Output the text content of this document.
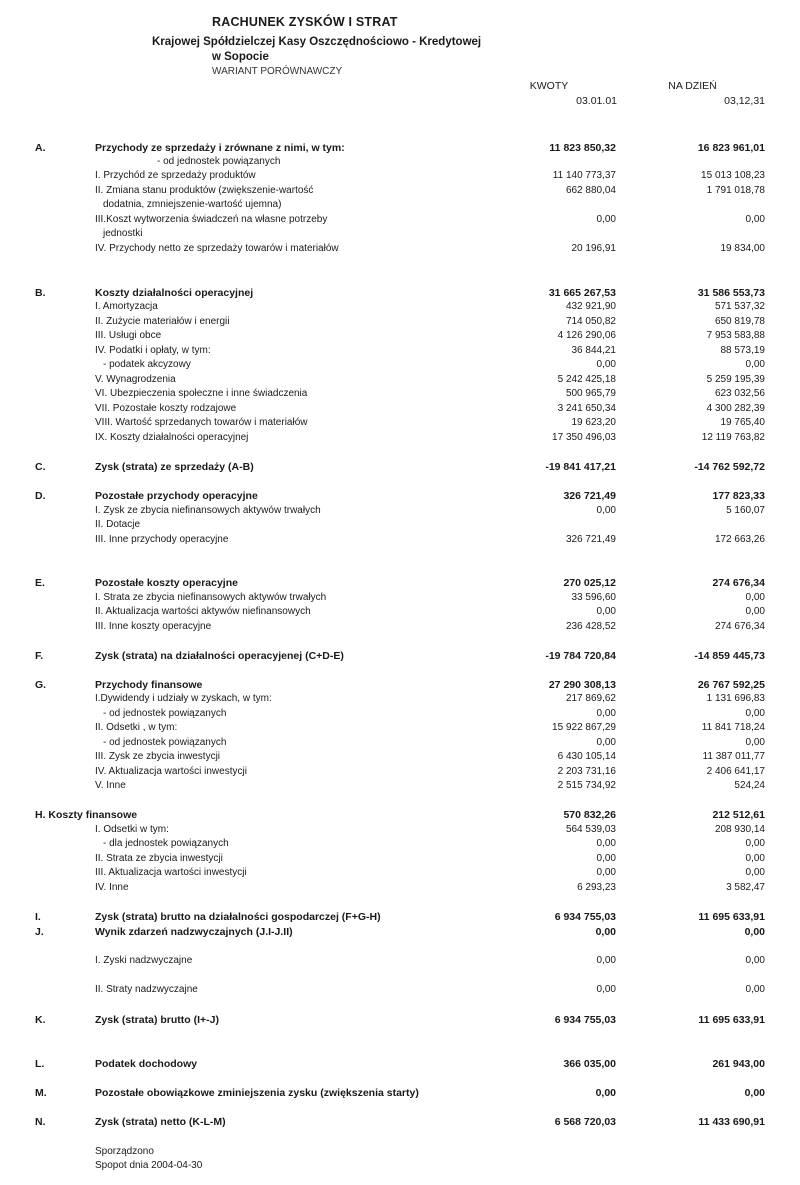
RACHUNEK ZYSKÓW I STRAT
Krajowej Spółdzielczej Kasy Oszczędnościowo - Kredytowej
w Sopocie
WARIANT PORÓWNAWCZY
KWOTY
03.01.01
NA DZIEŃ
03,12,31
A.	Przychody ze sprzedaży i zrównane z nimi, w tym:	11 823 850,32	16 823 961,01
- od jednostek powiązanych
I. Przychód ze sprzedaży produktów	11 140 773,37	15 013 108,23
II. Zmiana stanu produktów (zwiększenie-wartość	662 880,04	1 791 018,78
dodatnia, zmniejszenie-wartość ujemna)
III.Koszt wytworzenia świadczeń na własne potrzeby	0,00	0,00
jednostki
IV. Przychody netto ze sprzedaży towarów i materiałów	20 196,91	19 834,00
B.	Koszty działalności operacyjnej	31 665 267,53	31 586 553,73
I. Amortyzacja	432 921,90	571 537,32
II. Zużycie materiałów i energii	714 050,82	650 819,78
III. Usługi obce	4 126 290,06	7 953 583,88
IV. Podatki i opłaty, w tym:	36 844,21	88 573,19
- podatek akcyzowy	0,00	0,00
V. Wynagrodzenia	5 242 425,18	5 259 195,39
VI. Ubezpieczenia społeczne i inne świadczenia	500 965,79	623 032,56
VII. Pozostałe koszty rodzajowe	3 241 650,34	4 300 282,39
VIII. Wartość sprzedanych towarów i materiałów	19 623,20	19 765,40
IX. Koszty działalności operacyjnej	17 350 496,03	12 119 763,82
C.	Zysk (strata) ze sprzedaży (A-B)	-19 841 417,21	-14 762 592,72
D.	Pozostałe przychody operacyjne	326 721,49	177 823,33
I. Zysk ze zbycia niefinansowych aktywów trwałych	0,00	5 160,07
II. Dotacje
III. Inne przychody operacyjne	326 721,49	172 663,26
E.	Pozostałe koszty operacyjne	270 025,12	274 676,34
I. Strata ze zbycia niefinansowych aktywów trwałych	33 596,60	0,00
II. Aktualizacja wartości aktywów niefinansowych	0,00	0,00
III. Inne koszty operacyjne	236 428,52	274 676,34
F.	Zysk (strata) na działalności operacyjenej (C+D-E)	-19 784 720,84	-14 859 445,73
G.	Przychody finansowe	27 290 308,13	26 767 592,25
I.Dywidendy i udziały w zyskach, w tym:	217 869,62	1 131 696,83
- od jednostek powiązanych	0,00	0,00
II. Odsetki , w tym:	15 922 867,29	11 841 718,24
- od jednostek powiązanych	0,00	0,00
III. Zysk ze zbycia inwestycji	6 430 105,14	11 387 011,77
IV. Aktualizacja wartości inwestycji	2 203 731,16	2 406 641,17
V. Inne	2 515 734,92	524,24
H. Koszty finansowe	570 832,26	212 512,61
I. Odsetki w tym:	564 539,03	208 930,14
- dla jednostek powiązanych	0,00	0,00
II. Strata ze zbycia inwestycji	0,00	0,00
III. Aktualizacja wartości inwestycji	0,00	0,00
IV. Inne	6 293,23	3 582,47
I.	Zysk (strata) brutto na działalności gospodarczej (F+G-H)	6 934 755,03	11 695 633,91
J.	Wynik zdarzeń nadzwyczajnych (J.I-J.II)	0,00	0,00
I. Zyski nadzwyczajne	0,00	0,00
II. Straty nadzwyczajne	0,00	0,00
K.	Zysk (strata) brutto (I+-J)	6 934 755,03	11 695 633,91
L.	Podatek dochodowy	366 035,00	261 943,00
M.	Pozostałe obowiązkowe zminiejszenia zysku (zwiększenia starty)	0,00	0,00
N.	Zysk (strata) netto (K-L-M)	6 568 720,03	11 433 690,91
Sporządzono
Spopot dnia 2004-04-30
